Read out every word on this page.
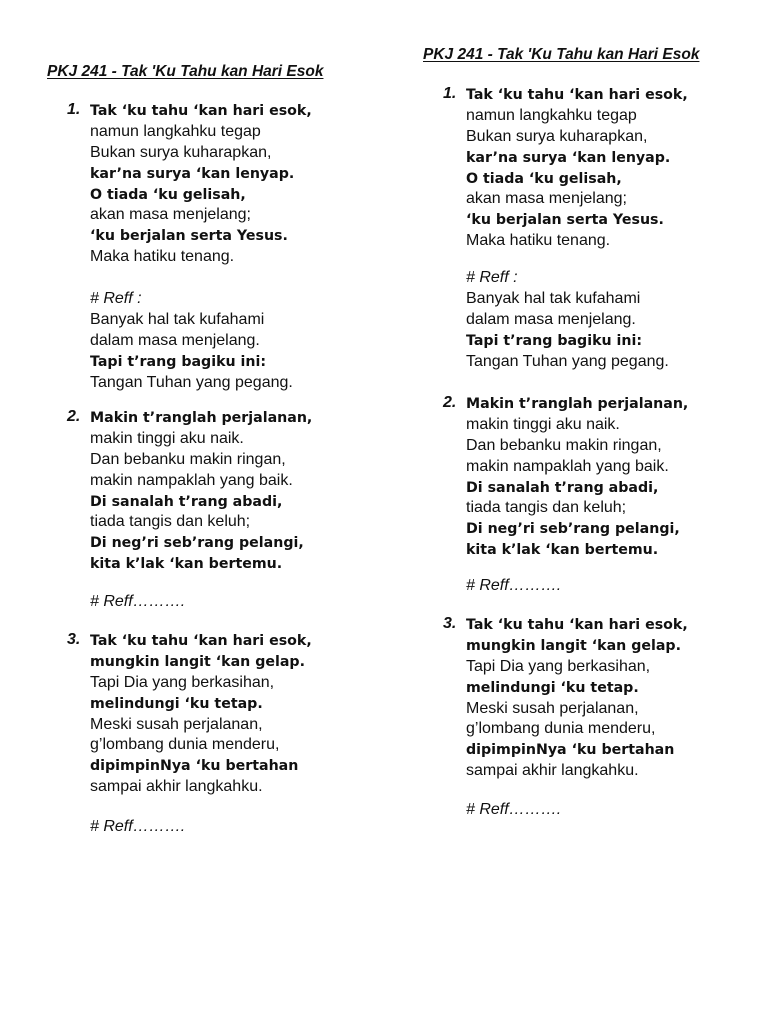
PKJ 241 - Tak 'Ku Tahu kan Hari Esok
1. Tak ‘ku tahu ‘kan hari esok,
namun langkahku tegap
Bukan surya kuharapkan,
kar’na surya ‘kan lenyap.
O tiada ‘ku gelisah,
akan masa menjelang;
‘ku berjalan serta Yesus.
Maka hatiku tenang.
# Reff :
Banyak hal tak kufahami
dalam masa menjelang.
Tapi t’rang bagiku ini:
Tangan Tuhan yang pegang.
2. Makin t’ranglah perjalanan,
makin tinggi aku naik.
Dan bebanku makin ringan,
makin nampaklah yang baik.
Di sanalah t’rang abadi,
tiada tangis dan keluh;
Di neg’ri seb’rang pelangi,
kita k’lak ‘kan bertemu.
# Reff……….
3. Tak ‘ku tahu ‘kan hari esok,
mungkin langit ‘kan gelap.
Tapi Dia yang berkasihan,
melindungi ‘ku tetap.
Meski susah perjalanan,
g’lombang dunia menderu,
dipimpinNya ‘ku bertahan
sampai akhir langkahku.
# Reff……….
PKJ 241 - Tak 'Ku Tahu kan Hari Esok
1. Tak ‘ku tahu ‘kan hari esok,
namun langkahku tegap
Bukan surya kuharapkan,
kar’na surya ‘kan lenyap.
O tiada ‘ku gelisah,
akan masa menjelang;
‘ku berjalan serta Yesus.
Maka hatiku tenang.
# Reff :
Banyak hal tak kufahami
dalam masa menjelang.
Tapi t’rang bagiku ini:
Tangan Tuhan yang pegang.
2. Makin t’ranglah perjalanan,
makin tinggi aku naik.
Dan bebanku makin ringan,
makin nampaklah yang baik.
Di sanalah t’rang abadi,
tiada tangis dan keluh;
Di neg’ri seb’rang pelangi,
kita k’lak ‘kan bertemu.
# Reff……….
3. Tak ‘ku tahu ‘kan hari esok,
mungkin langit ‘kan gelap.
Tapi Dia yang berkasihan,
melindungi ‘ku tetap.
Meski susah perjalanan,
g’lombang dunia menderu,
dipimpinNya ‘ku bertahan
sampai akhir langkahku.
# Reff……….
